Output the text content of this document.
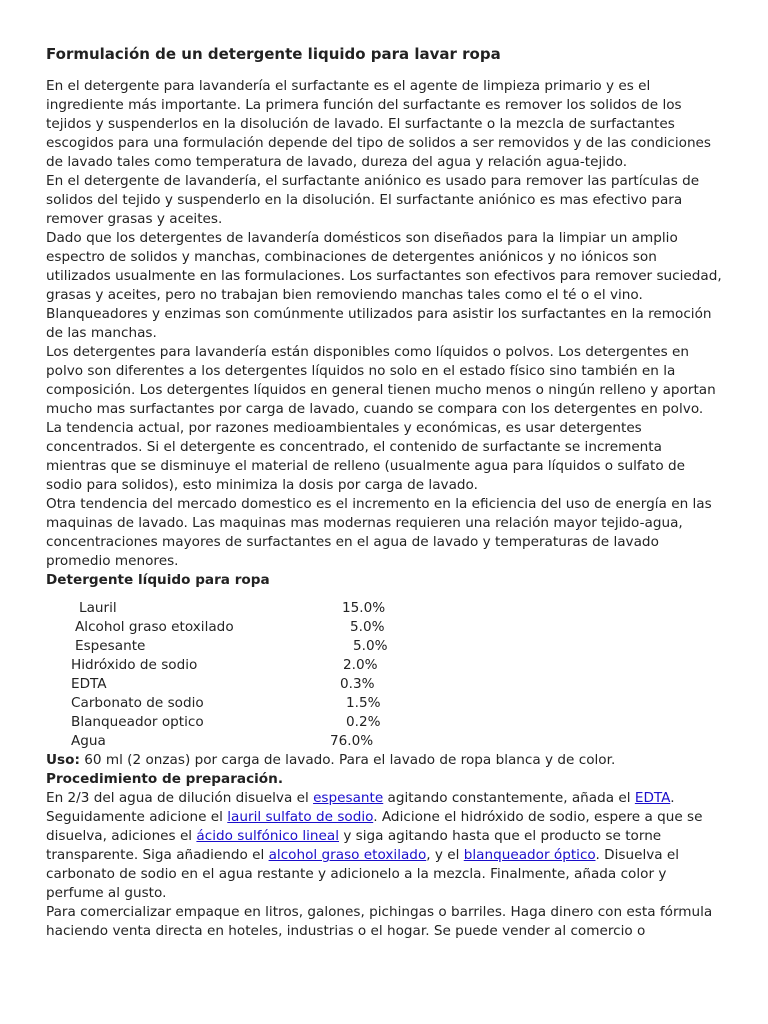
Formulación de un detergente liquido para lavar ropa

En el detergente para lavandería el surfactante es el agente de limpieza primario y es el ingrediente más importante. La primera función del surfactante es remover los solidos de los tejidos y suspenderlos en la disolución de lavado. El surfactante o la mezcla de surfactantes escogidos para una formulación depende del tipo de solidos a ser removidos y de las condiciones de lavado tales como temperatura de lavado, dureza del agua y relación agua-tejido.

En el detergente de lavandería, el surfactante aniónico es usado para remover las partículas de solidos del tejido y suspenderlo en la disolución. El surfactante aniónico es mas efectivo para remover grasas y aceites.

Dado que los detergentes de lavandería domésticos son diseñados para la limpiar un amplio espectro de solidos y manchas, combinaciones de detergentes aniónicos y no iónicos son utilizados usualmente en las formulaciones. Los surfactantes son efectivos para remover suciedad, grasas y aceites, pero no trabajan bien removiendo manchas tales como el té o el vino. Blanqueadores y enzimas son comúnmente utilizados para asistir los surfactantes en la remoción de las manchas.

Los detergentes para lavandería están disponibles como líquidos o polvos. Los detergentes en polvo son diferentes a los detergentes líquidos no solo en el estado físico sino también en la composición. Los detergentes líquidos en general tienen mucho menos o ningún relleno y aportan mucho mas surfactantes por carga de lavado, cuando se compara con los detergentes en polvo.

La tendencia actual, por razones medioambientales y económicas, es usar detergentes concentrados. Si el detergente es concentrado, el contenido de surfactante se incrementa mientras que se disminuye el material de relleno (usualmente agua para líquidos o sulfato de sodio para solidos), esto minimiza la dosis por carga de lavado.

Otra tendencia del mercado domestico es el incremento en la eficiencia del uso de energía en las maquinas de lavado. Las maquinas mas modernas requieren una relación mayor tejido-agua, concentraciones mayores de surfactantes en el agua de lavado y temperaturas de lavado promedio menores.

Detergente líquido para ropa

Lauril	15.0%
Alcohol graso etoxilado	5.0%
Espesante	5.0%
Hidróxido de sodio	2.0%
EDTA	0.3%
Carbonato de sodio	1.5%
Blanqueador optico	0.2%
Agua	76.0%

Uso: 60 ml (2 onzas) por carga de lavado. Para el lavado de ropa blanca y de color.

Procedimiento de preparación.

En 2/3 del agua de dilución disuelva el espesante agitando constantemente, añada el EDTA. Seguidamente adicione el lauril sulfato de sodio. Adicione el hidróxido de sodio, espere a que se disuelva, adiciones el ácido sulfónico lineal y siga agitando hasta que el producto se torne transparente. Siga añadiendo el alcohol graso etoxilado, y el blanqueador óptico. Disuelva el carbonato de sodio en el agua restante y adicionelo a la mezcla. Finalmente, añada color y perfume al gusto.

Para comercializar empaque en litros, galones, pichingas o barriles. Haga dinero con esta fórmula haciendo venta directa en hoteles, industrias o el hogar. Se puede vender al comercio o
